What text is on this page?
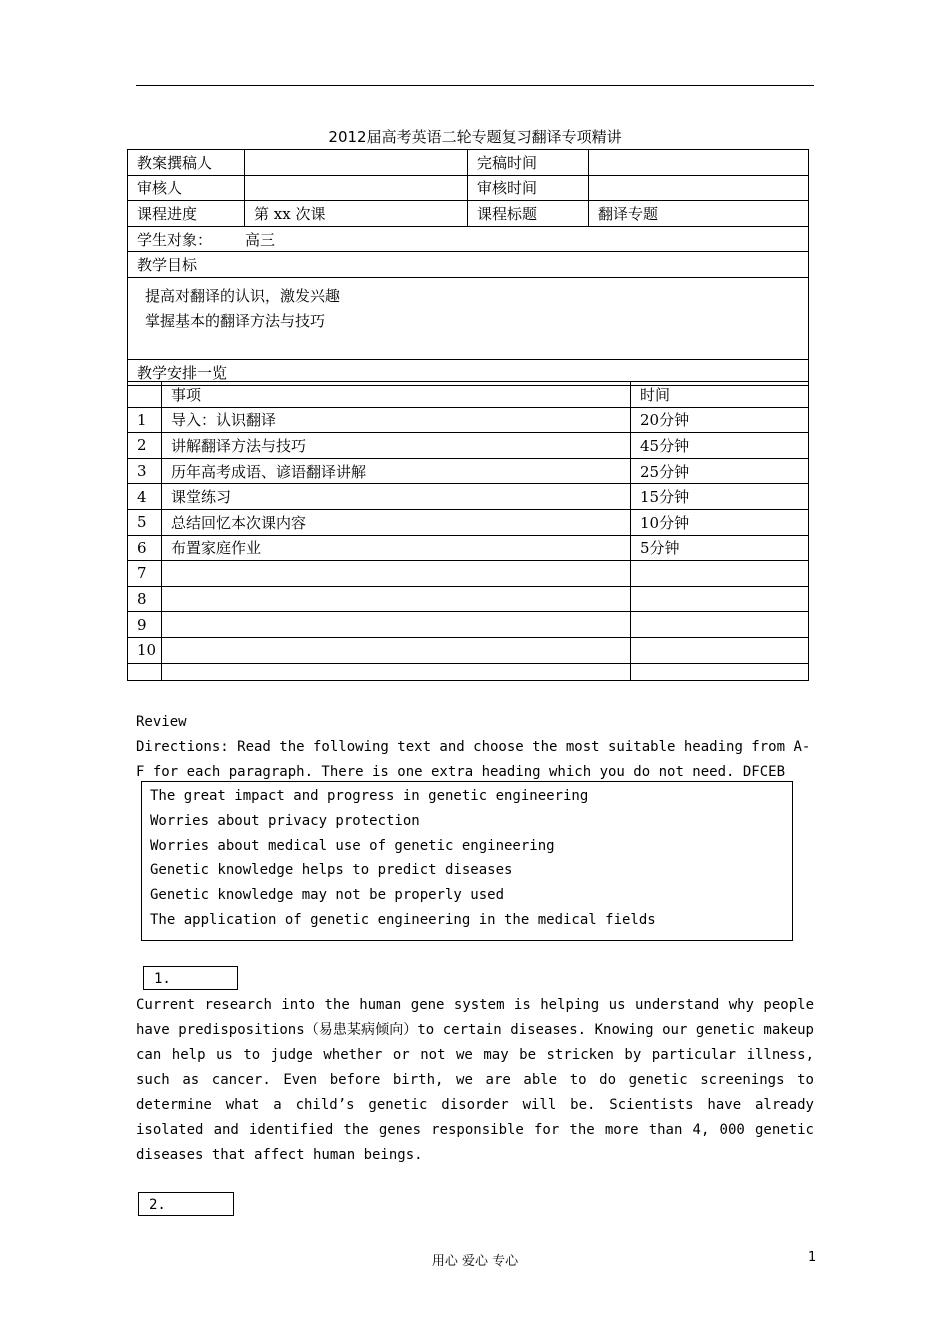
2012届高考英语二轮专题复习翻译专项精讲
教案撰稿人		完稿时间	
审核人		审核时间	
课程进度	第 xx 次课	课程标题	翻译专题
学生对象： 高三			
教学目标			

提高对翻译的认识，激发兴趣
掌握基本的翻译方法与技巧			

教学安排一览			
	事项	时间
1	导入：认识翻译	20分钟
2	讲解翻译方法与技巧	45分钟
3	历年高考成语、谚语翻译讲解	25分钟
4	课堂练习	15分钟
5	总结回忆本次课内容	10分钟
6	布置家庭作业	5分钟
7		
8		
9		
10		

Review
Directions: Read the following text and choose the most suitable heading from A-F for each paragraph. There is one extra heading which you do not need. DFCEB
The great impact and progress in genetic engineering
Worries about privacy protection
Worries about medical use of genetic engineering
Genetic knowledge helps to predict diseases
Genetic knowledge may not be properly used
The application of genetic engineering in the medical fields
1.
Current research into the human gene system is helping us understand why people have predispositions（易患某病倾向）to certain diseases. Knowing our genetic makeup can help us to judge whether or not we may be stricken by particular illness, such as cancer. Even before birth, we are able to do genetic screenings to determine what a child’s genetic disorder will be. Scientists have already isolated and identified the genes responsible for the more than 4, 000 genetic diseases that affect human beings.
2.
用心 爱心 专心	1
